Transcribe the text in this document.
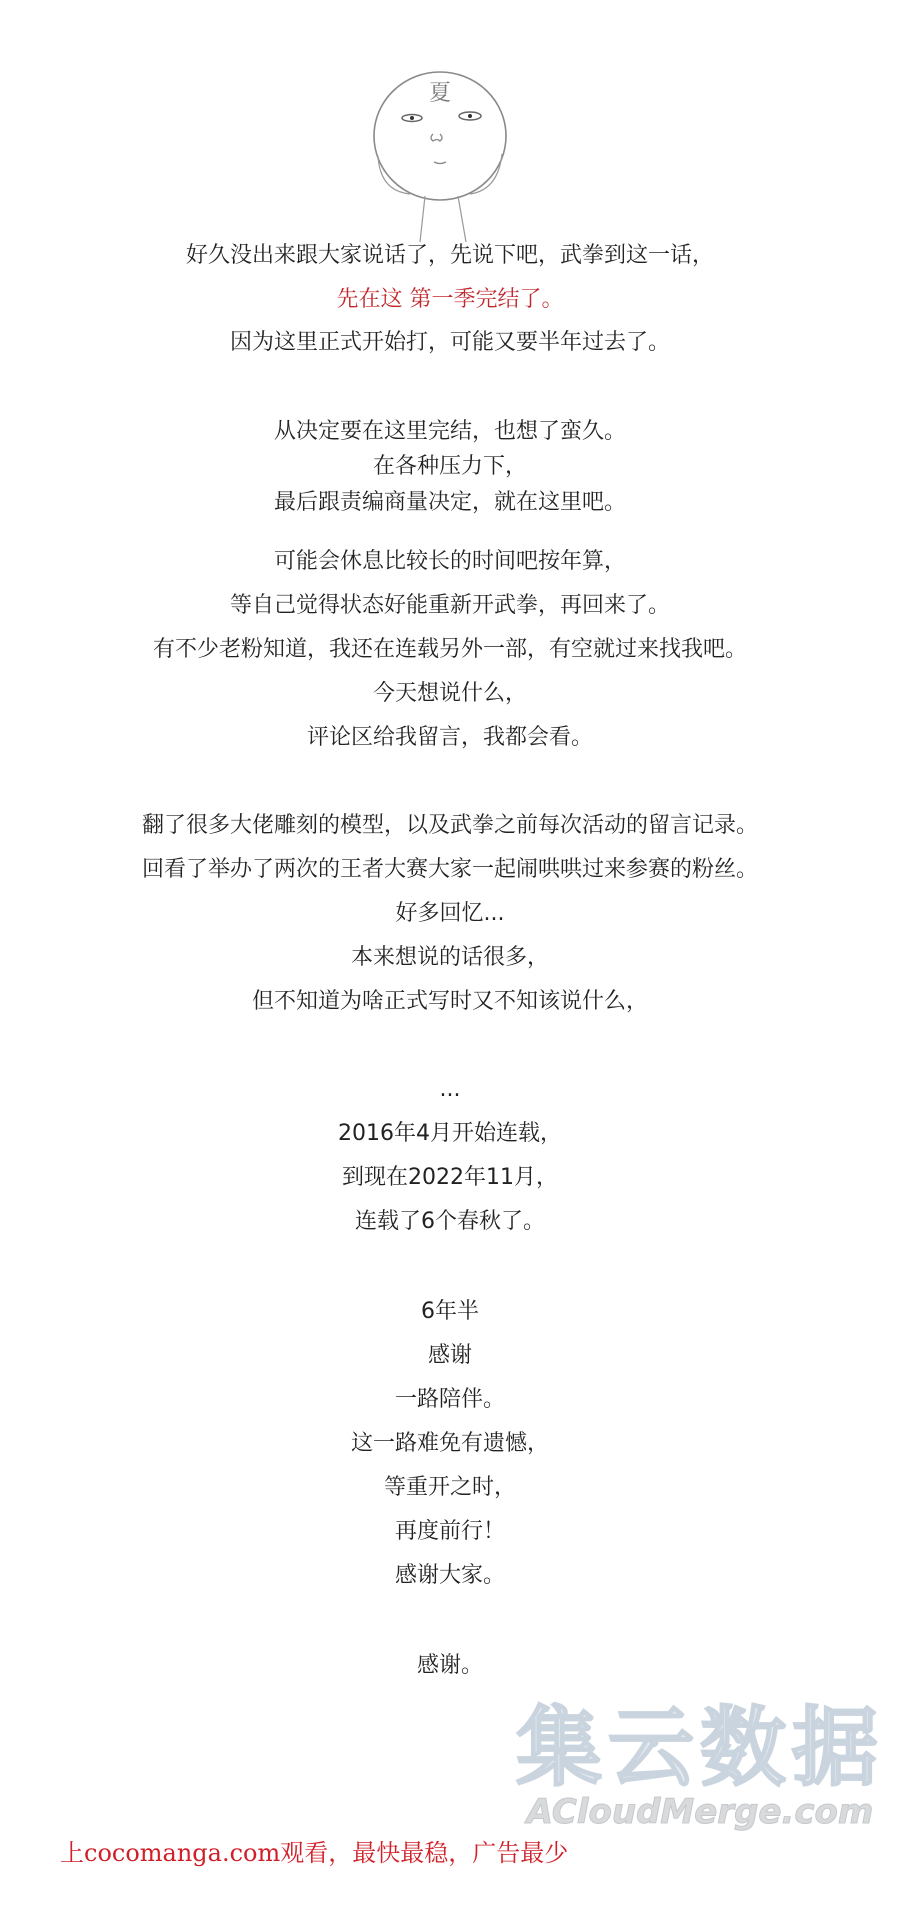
夏
好久没出来跟大家说话了，先说下吧，武拳到这一话，
先在这 第一季完结了。
因为这里正式开始打，可能又要半年过去了。
从决定要在这里完结，也想了蛮久。
在各种压力下，
最后跟责编商量决定，就在这里吧。
可能会休息比较长的时间吧按年算，
等自己觉得状态好能重新开武拳，再回来了。
有不少老粉知道，我还在连载另外一部，有空就过来找我吧。
今天想说什么，
评论区给我留言，我都会看。
翻了很多大佬雕刻的模型，以及武拳之前每次活动的留言记录。
回看了举办了两次的王者大赛大家一起闹哄哄过来参赛的粉丝。
好多回忆...
本来想说的话很多，
但不知道为啥正式写时又不知该说什么，
...
2016年4月开始连载，
到现在2022年11月，
连载了6个春秋了。
6年半
感谢
一路陪伴。
这一路难免有遗憾，
等重开之时，
再度前行！
感谢大家。
感谢。
集云数据
ACloudMerge.com
上cocomanga.com观看，最快最稳，广告最少
